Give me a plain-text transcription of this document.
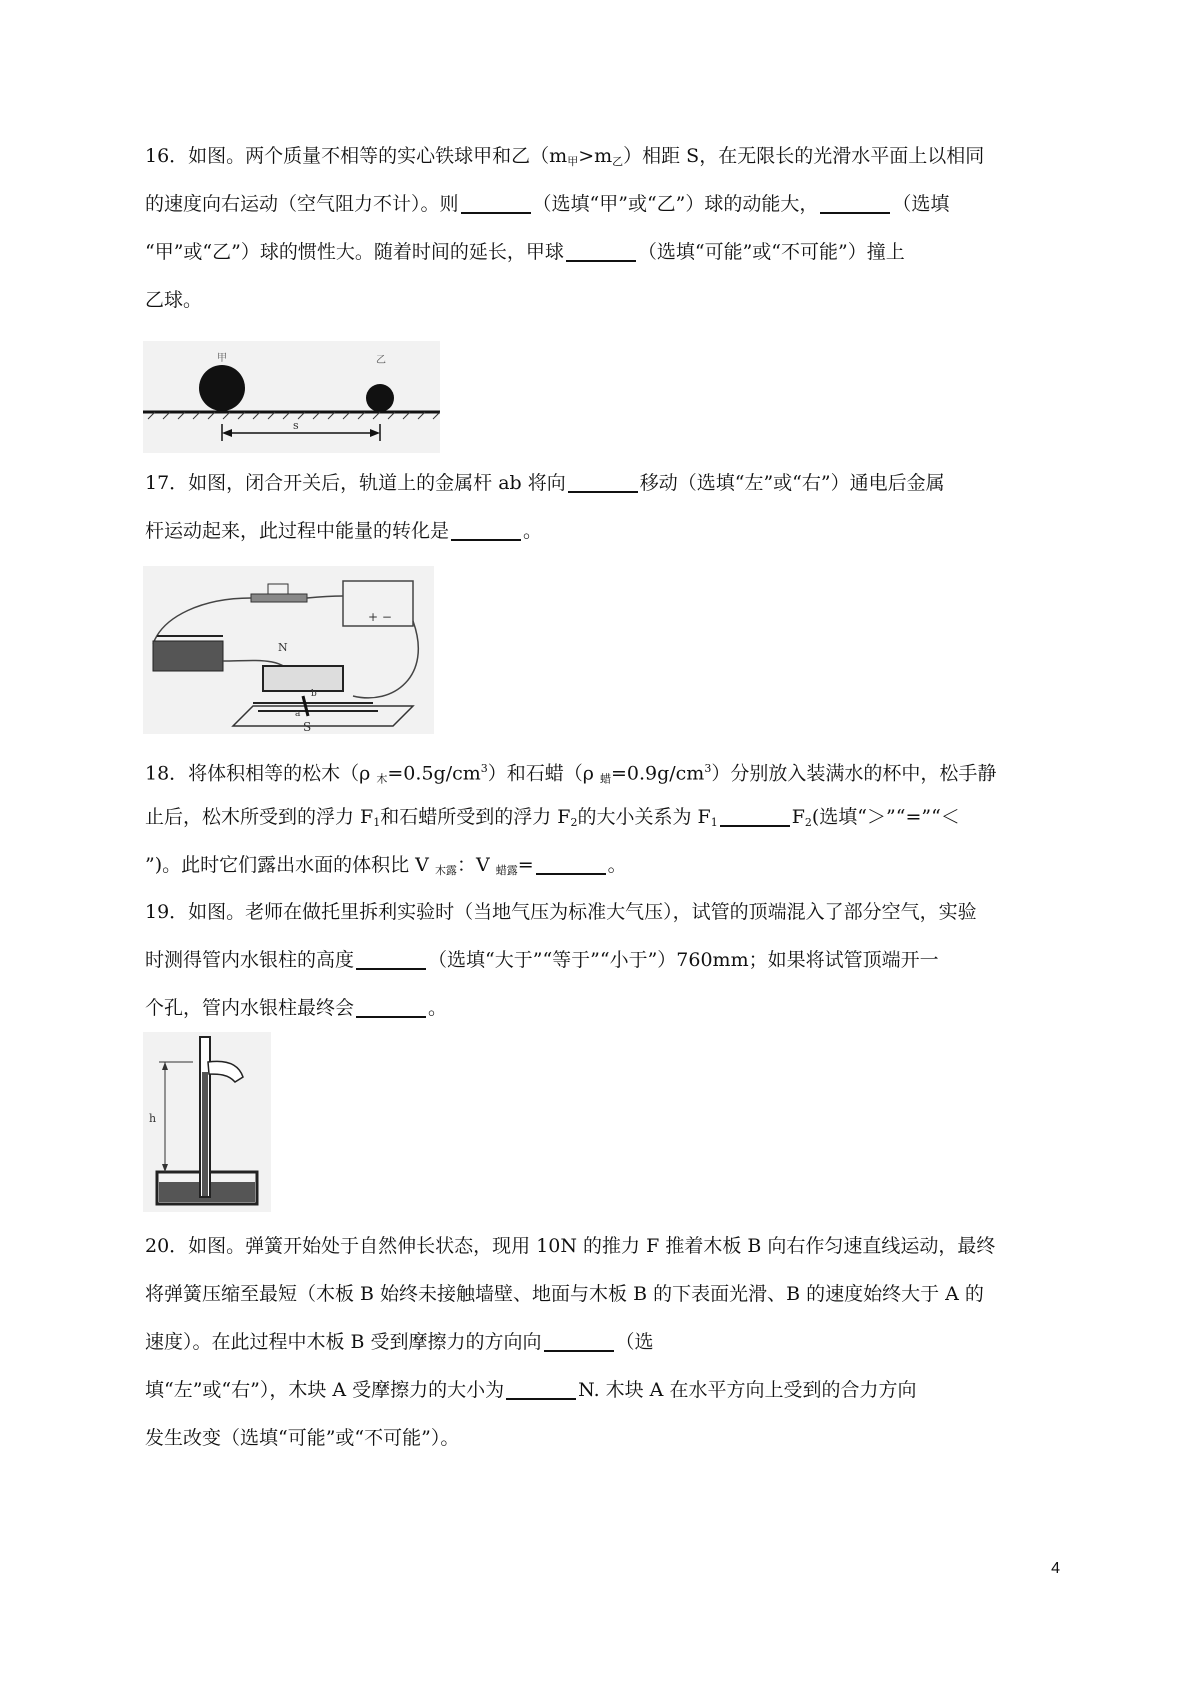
16．如图。两个质量不相等的实心铁球甲和乙$(m_甲>m_乙)$相距 S，在无限长的光滑水平面上以相同
的速度向右运动（空气阻力不计）。则	（选填“甲”或“乙”）球的动能大，	（选填
“甲”或“乙”）球的惯性大。随着时间的延长，甲球	（选填“可能”或“不可能”）撞上
乙球。
甲	乙
s
17．如图，闭合开关后，轨道上的金属杆 ab 将向	移动（选填“左”或“右”）通电后金属
杆运动起来，此过程中能量的转化是	。
+ −
N
S
a
b
18．将体积相等的松木（ρ $_木=0.5g/cm^3$）和石蜡（ρ $_蜡=0.9g/cm^3$）分别放入装满水的杯中，松手静
止后，松木所受到的浮力 $F_1$和石蜡所受到的浮力 $F_2$的大小关系为 $F_1$	$F_2$(选填“＞”“=”“＜
”)。此时它们露出水面的体积比 V $_{木露}$：V $_{蜡露}$=	。
19．如图。老师在做托里拆利实验时（当地气压为标准大气压），试管的顶端混入了部分空气，实验
时测得管内水银柱的高度	（选填“大于”“等于”“小于”）760mm；如果将试管顶端开一
个孔，管内水银柱最终会	。
h
20．如图。弹簧开始处于自然伸长状态，现用 10N 的推力 F 推着木板 B 向右作匀速直线运动，最终
将弹簧压缩至最短（木板 B 始终未接触墙壁、地面与木板 B 的下表面光滑、B 的速度始终大于 A 的
速度）。在此过程中木板 B 受到摩擦力的方向向	（选
填“左”或“右”），木块 A 受摩擦力的大小为	N. 木块 A 在水平方向上受到的合力方向
发生改变（选填“可能”或“不可能”）。
4
